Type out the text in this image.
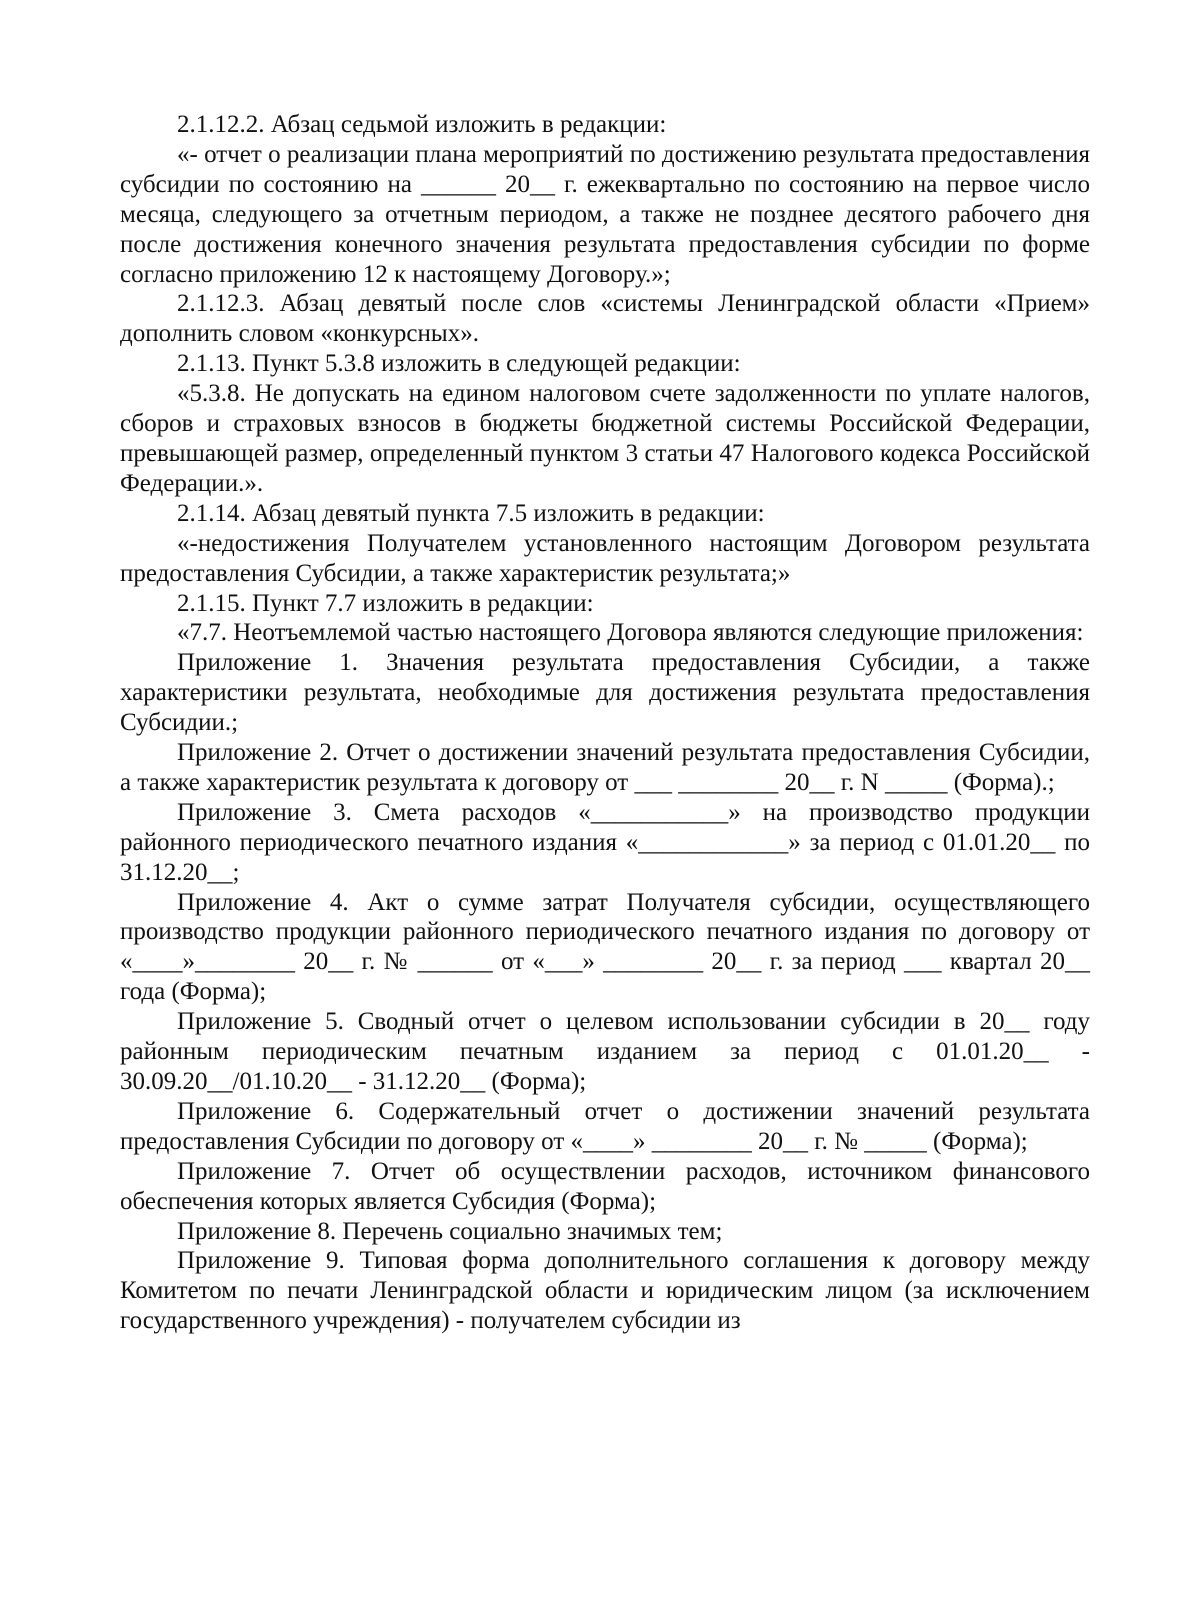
2.1.12.2. Абзац седьмой изложить в редакции:

«- отчет о реализации плана мероприятий по достижению результата предоставления субсидии по состоянию на ______ 20__ г. ежеквартально по состоянию на первое число месяца, следующего за отчетным периодом, а также не позднее десятого рабочего дня после достижения конечного значения результата предоставления субсидии по форме согласно приложению 12 к настоящему Договору.»;

2.1.12.3. Абзац девятый после слов «системы Ленинградской области «Прием» дополнить словом «конкурсных».

2.1.13. Пункт 5.3.8 изложить в следующей редакции:

«5.3.8. Не допускать на едином налоговом счете задолженности по уплате налогов, сборов и страховых взносов в бюджеты бюджетной системы Российской Федерации, превышающей размер, определенный пунктом 3 статьи 47 Налогового кодекса Российской Федерации.».

2.1.14. Абзац девятый пункта 7.5 изложить в редакции:

«-недостижения Получателем установленного настоящим Договором результата предоставления Субсидии, а также характеристик результата;»

2.1.15. Пункт 7.7 изложить в редакции:

«7.7. Неотъемлемой частью настоящего Договора являются следующие приложения:

Приложение 1. Значения результата предоставления Субсидии, а также характеристики результата, необходимые для достижения результата предоставления Субсидии.;

Приложение 2. Отчет о достижении значений результата предоставления Субсидии, а также характеристик результата к договору от ___ ________ 20__ г. N _____ (Форма).;

Приложение 3. Смета расходов «___________» на производство продукции районного периодического печатного издания «____________» за период с 01.01.20__ по 31.12.20__;

Приложение 4. Акт о сумме затрат Получателя субсидии, осуществляющего производство продукции районного периодического печатного издания по договору от «____»________ 20__ г. № ______ от «___» ________ 20__ г. за период ___ квартал 20__ года (Форма);

Приложение 5. Сводный отчет о целевом использовании субсидии в 20__ году районным периодическим печатным изданием за период с 01.01.20__ - 30.09.20__/01.10.20__ - 31.12.20__ (Форма);

Приложение 6. Содержательный отчет о достижении значений результата предоставления Субсидии по договору от «____» ________ 20__ г. № _____ (Форма);

Приложение 7. Отчет об осуществлении расходов, источником финансового обеспечения которых является Субсидия (Форма);

Приложение 8. Перечень социально значимых тем;

Приложение 9. Типовая форма дополнительного соглашения к договору между Комитетом по печати Ленинградской области и юридическим лицом (за исключением государственного учреждения) - получателем субсидии из
